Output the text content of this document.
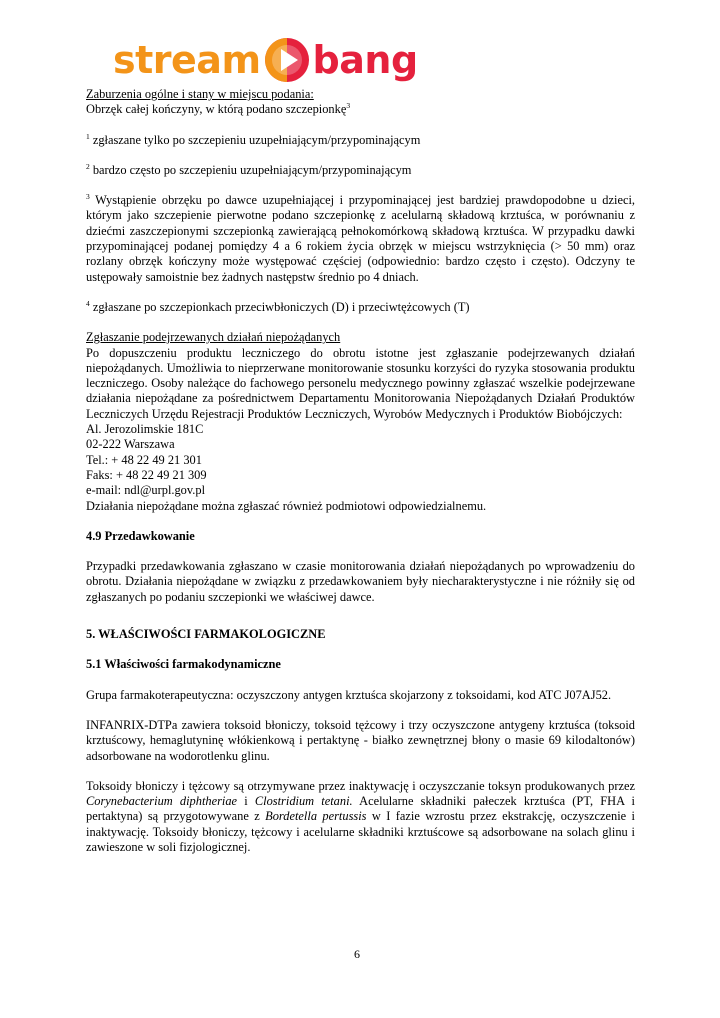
stream bang

Zaburzenia ogólne i stany w miejscu podania:

Obrzęk całej kończyny, w którą podano szczepionkę$^3$

$^1$ zgłaszane tylko po szczepieniu uzupełniającym/przypominającym

$^2$ bardzo często po szczepieniu uzupełniającym/przypominającym

$^3$ Wystąpienie obrzęku po dawce uzupełniającej i przypominającej jest bardziej prawdopodobne u dzieci, którym jako szczepienie pierwotne podano szczepionkę z acelularną składową krztuśca, w porównaniu z dziećmi zaszczepionymi szczepionką zawierającą pełnokomórkową składową krztuśca. W przypadku dawki przypominającej podanej pomiędzy 4 a 6 rokiem życia obrzęk w miejscu wstrzyknięcia (> 50 mm) oraz rozlany obrzęk kończyny może występować częściej (odpowiednio: bardzo często i często). Odczyny te ustępowały samoistnie bez żadnych następstw średnio po 4 dniach.

$^4$ zgłaszane po szczepionkach przeciwbłoniczych (D) i przeciwtężcowych (T)

Zgłaszanie podejrzewanych działań niepożądanych

Po dopuszczeniu produktu leczniczego do obrotu istotne jest zgłaszanie podejrzewanych działań niepożądanych. Umożliwia to nieprzerwane monitorowanie stosunku korzyści do ryzyka stosowania produktu leczniczego. Osoby należące do fachowego personelu medycznego powinny zgłaszać wszelkie podejrzewane działania niepożądane za pośrednictwem Departamentu Monitorowania Niepożądanych Działań Produktów Leczniczych Urzędu Rejestracji Produktów Leczniczych, Wyrobów Medycznych i Produktów Biobójczych:

Al. Jerozolimskie 181C

02-222 Warszawa

Tel.: + 48 22 49 21 301

Faks: + 48 22 49 21 309

e-mail: ndl@urpl.gov.pl

Działania niepożądane można zgłaszać również podmiotowi odpowiedzialnemu.

4.9 Przedawkowanie

Przypadki przedawkowania zgłaszano w czasie monitorowania działań niepożądanych po wprowadzeniu do obrotu. Działania niepożądane w związku z przedawkowaniem były niecharakterystyczne i nie różniły się od zgłaszanych po podaniu szczepionki we właściwej dawce.

5. WŁAŚCIWOŚCI FARMAKOLOGICZNE

5.1 Właściwości farmakodynamiczne

Grupa farmakoterapeutyczna: oczyszczony antygen krztuśca skojarzony z toksoidami, kod ATC J07AJ52.

INFANRIX-DTPa zawiera toksoid błoniczy, toksoid tężcowy i trzy oczyszczone antygeny krztuśca (toksoid krztuścowy, hemaglutyninę włókienkową i pertaktynę - białko zewnętrznej błony o masie 69 kilodaltonów) adsorbowane na wodorotlenku glinu.

Toksoidy błoniczy i tężcowy są otrzymywane przez inaktywację i oczyszczanie toksyn produkowanych przez Corynebacterium diphtheriae i Clostridium tetani. Acelularne składniki pałeczek krztuśca (PT, FHA i pertaktyna) są przygotowywane z Bordetella pertussis w I fazie wzrostu przez ekstrakcję, oczyszczenie i inaktywację. Toksoidy błoniczy, tężcowy i acelularne składniki krztuścowe są adsorbowane na solach glinu i zawieszone w soli fizjologicznej.

6
